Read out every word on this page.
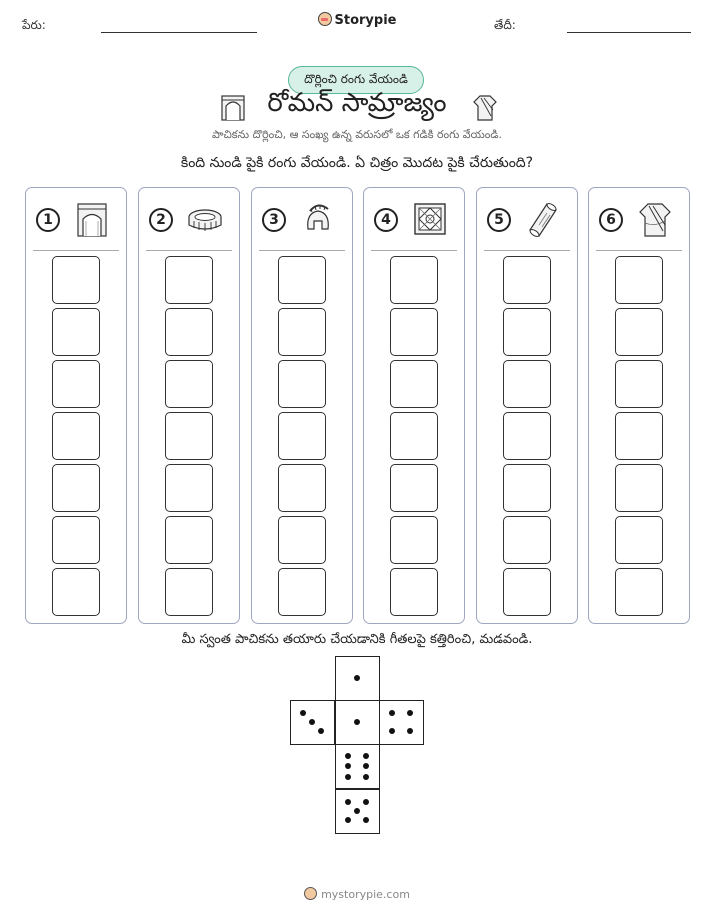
పేరు:	Storypie	తేదీ:
దొర్లించి రంగు వేయండి
రోమన్ సామ్రాజ్యం
పాచికను దొర్లించి, ఆ సంఖ్య ఉన్న వరుసలో ఒక గడికి రంగు వేయండి.
కింది నుండి పైకి రంగు వేయండి. ఏ చిత్రం మొదట పైకి చేరుతుంది?
1	2	3	4	5	6
మీ స్వంత పాచికను తయారు చేయడానికి గీతలపై కత్తిరించి, మడవండి.
mystorypie.com
